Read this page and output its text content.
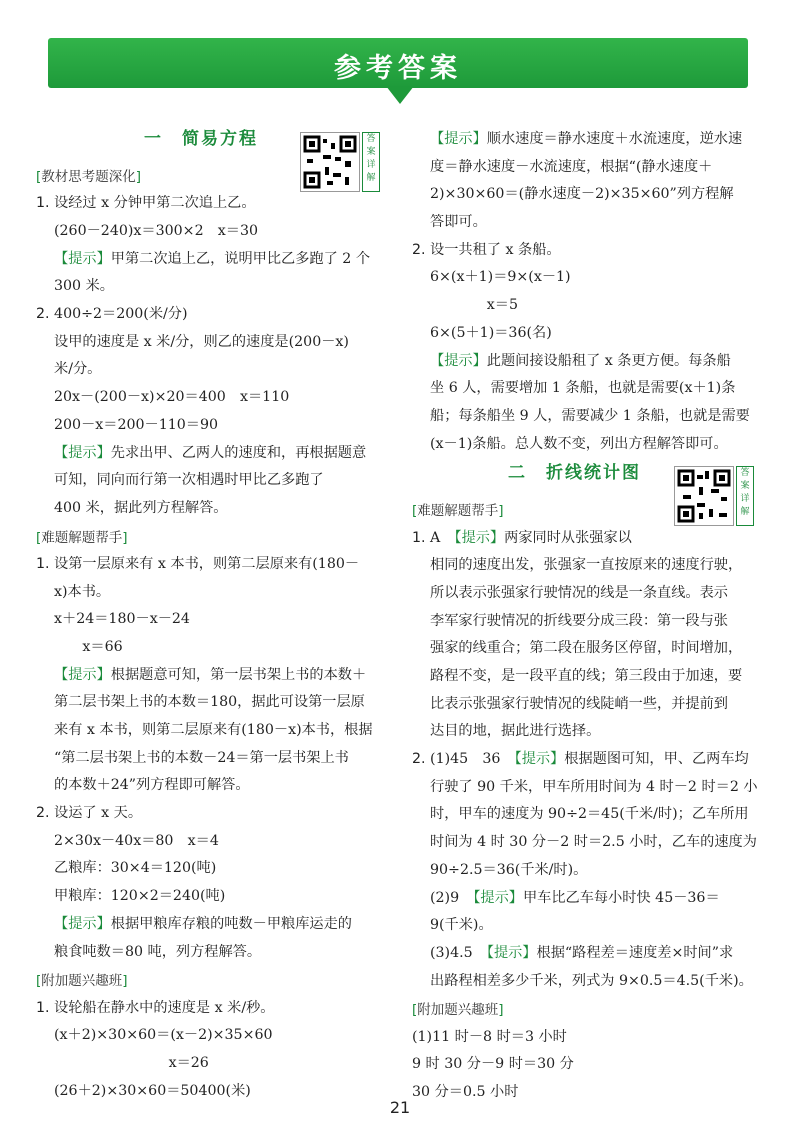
参考答案
一　简易方程	答案详解
[教材思考题深化]
1. 设经过 x 分钟甲第二次追上乙。
(260－240)x＝300×2　x＝30
【提示】甲第二次追上乙，说明甲比乙多跑了 2 个
300 米。
2. 400÷2＝200(米/分)
设甲的速度是 x 米/分，则乙的速度是(200－x)
米/分。
20x－(200－x)×20＝400　x＝110
200－x＝200－110＝90
【提示】先求出甲、乙两人的速度和，再根据题意
可知，同向而行第一次相遇时甲比乙多跑了
400 米，据此列方程解答。
[难题解题帮手]
1. 设第一层原来有 x 本书，则第二层原来有(180－
x)本书。
x＋24＝180－x－24
　　x＝66
【提示】根据题意可知，第一层书架上书的本数＋
第二层书架上书的本数＝180，据此可设第一层原
来有 x 本书，则第二层原来有(180－x)本书，根据
“第二层书架上书的本数－24＝第一层书架上书
的本数＋24”列方程即可解答。
2. 设运了 x 天。
2×30x－40x＝80　x＝4
乙粮库：30×4＝120(吨)
甲粮库：120×2＝240(吨)
【提示】根据甲粮库存粮的吨数－甲粮库运走的
粮食吨数＝80 吨，列方程解答。
[附加题兴趣班]
1. 设轮船在静水中的速度是 x 米/秒。
(x＋2)×30×60＝(x－2)×35×60
　　　x＝26
(26＋2)×30×60＝50400(米)
【提示】顺水速度＝静水速度＋水流速度，逆水速
度＝静水速度－水流速度，根据“(静水速度＋
2)×30×60＝(静水速度－2)×35×60”列方程解
答即可。
2. 设一共租了 x 条船。
6×(x＋1)＝9×(x－1)
　　　　x＝5
6×(5＋1)＝36(名)
【提示】此题间接设船租了 x 条更方便。每条船
坐 6 人，需要增加 1 条船，也就是需要(x＋1)条
船；每条船坐 9 人，需要减少 1 条船，也就是需要
(x－1)条船。总人数不变，列出方程解答即可。
二　折线统计图	答案详解
[难题解题帮手]
1. A　【提示】两家同时从张强家以
相同的速度出发，张强家一直按原来的速度行驶，
所以表示张强家行驶情况的线是一条直线。表示
李军家行驶情况的折线要分成三段：第一段与张
强家的线重合；第二段在服务区停留，时间增加，
路程不变，是一段平直的线；第三段由于加速，要
比表示张强家行驶情况的线陡峭一些，并提前到
达目的地，据此进行选择。
2. (1)45　36　【提示】根据题图可知，甲、乙两车均
行驶了 90 千米，甲车所用时间为 4 时－2 时＝2 小
时，甲车的速度为 90÷2＝45(千米/时)；乙车所用
时间为 4 时 30 分－2 时＝2.5 小时，乙车的速度为
90÷2.5＝36(千米/时)。
(2)9　【提示】甲车比乙车每小时快 45－36＝
9(千米)。
(3)4.5　【提示】根据“路程差＝速度差×时间”求
出路程相差多少千米，列式为 9×0.5＝4.5(千米)。
[附加题兴趣班]
(1)11 时－8 时＝3 小时
9 时 30 分－9 时＝30 分
30 分＝0.5 小时
21
